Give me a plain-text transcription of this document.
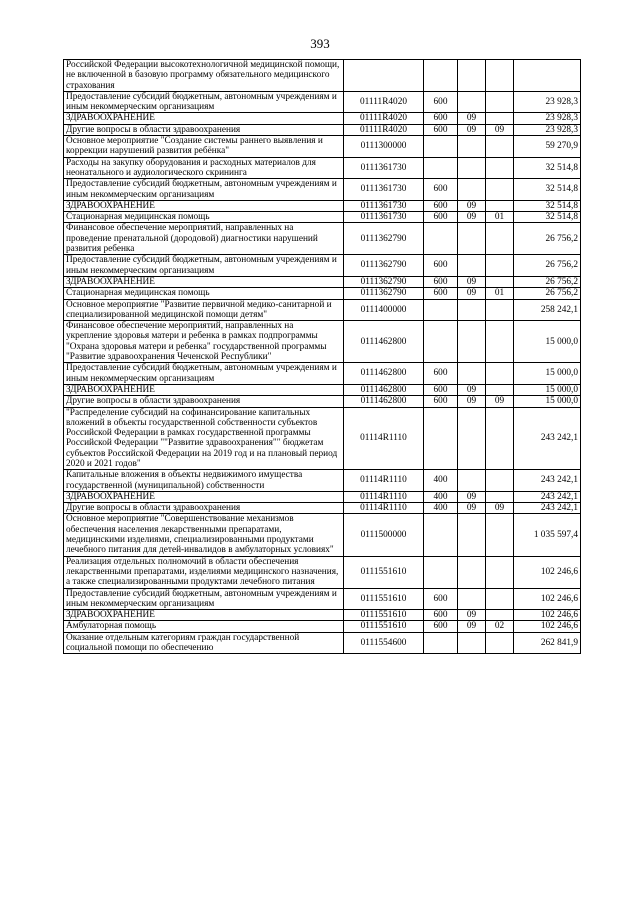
393
Российской Федерации высокотехнологичной медицинской помощи, не включенной в базовую программу обязательного медицинского страхования					
Предоставление субсидий бюджетным, автономным учреждениям и иным некоммерческим организациям	01111R4020	600			23 928,3
ЗДРАВООХРАНЕНИЕ	01111R4020	600	09		23 928,3
Другие вопросы в области здравоохранения	01111R4020	600	09	09	23 928,3
Основное мероприятие "Создание системы раннего выявления и коррекции нарушений развития ребёнка"	0111300000				59 270,9
Расходы на закупку оборудования и расходных материалов для неонатального и аудиологического скрининга	0111361730				32 514,8
Предоставление субсидий бюджетным, автономным учреждениям и иным некоммерческим организациям	0111361730	600			32 514,8
ЗДРАВООХРАНЕНИЕ	0111361730	600	09		32 514,8
Стационарная медицинская помощь	0111361730	600	09	01	32 514,8
Финансовое обеспечение мероприятий, направленных на проведение пренатальной (дородовой) диагностики нарушений развития ребенка	0111362790				26 756,2
Предоставление субсидий бюджетным, автономным учреждениям и иным некоммерческим организациям	0111362790	600			26 756,2
ЗДРАВООХРАНЕНИЕ	0111362790	600	09		26 756,2
Стационарная медицинская помощь	0111362790	600	09	01	26 756,2
Основное мероприятие "Развитие первичной медико-санитарной и специализированной медицинской помощи детям"	0111400000				258 242,1
Финансовое обеспечение мероприятий, направленных на укрепление здоровья матери и ребенка в рамках подпрограммы "Охрана здоровья матери и ребенка" государственной программы "Развитие здравоохранения Чеченской Республики"	0111462800				15 000,0
Предоставление субсидий бюджетным, автономным учреждениям и иным некоммерческим организациям	0111462800	600			15 000,0
ЗДРАВООХРАНЕНИЕ	0111462800	600	09		15 000,0
Другие вопросы в области здравоохранения	0111462800	600	09	09	15 000,0
"Распределение субсидий на софинансирование капитальных вложений в объекты государственной собственности субъектов Российской Федерации в рамках государственной программы Российской Федерации ""Развитие здравоохранения"" бюджетам субъектов Российской Федерации на 2019 год и на плановый период 2020 и 2021 годов"	01114R1110				243 242,1
Капитальные вложения в объекты недвижимого имущества государственной (муниципальной) собственности	01114R1110	400			243 242,1
ЗДРАВООХРАНЕНИЕ	01114R1110	400	09		243 242,1
Другие вопросы в области здравоохранения	01114R1110	400	09	09	243 242,1
Основное мероприятие "Совершенствование механизмов обеспечения населения лекарственными препаратами, медицинскими изделиями, специализированными продуктами лечебного питания для детей-инвалидов в амбулаторных условиях"	0111500000				1 035 597,4
Реализация отдельных полномочий в области обеспечения лекарственными препаратами, изделиями медицинского назначения, а также специализированными продуктами лечебного питания	0111551610				102 246,6
Предоставление субсидий бюджетным, автономным учреждениям и иным некоммерческим организациям	0111551610	600			102 246,6
ЗДРАВООХРАНЕНИЕ	0111551610	600	09		102 246,6
Амбулаторная помощь	0111551610	600	09	02	102 246,6
Оказание отдельным категориям граждан государственной социальной помощи по обеспечению	0111554600				262 841,9
